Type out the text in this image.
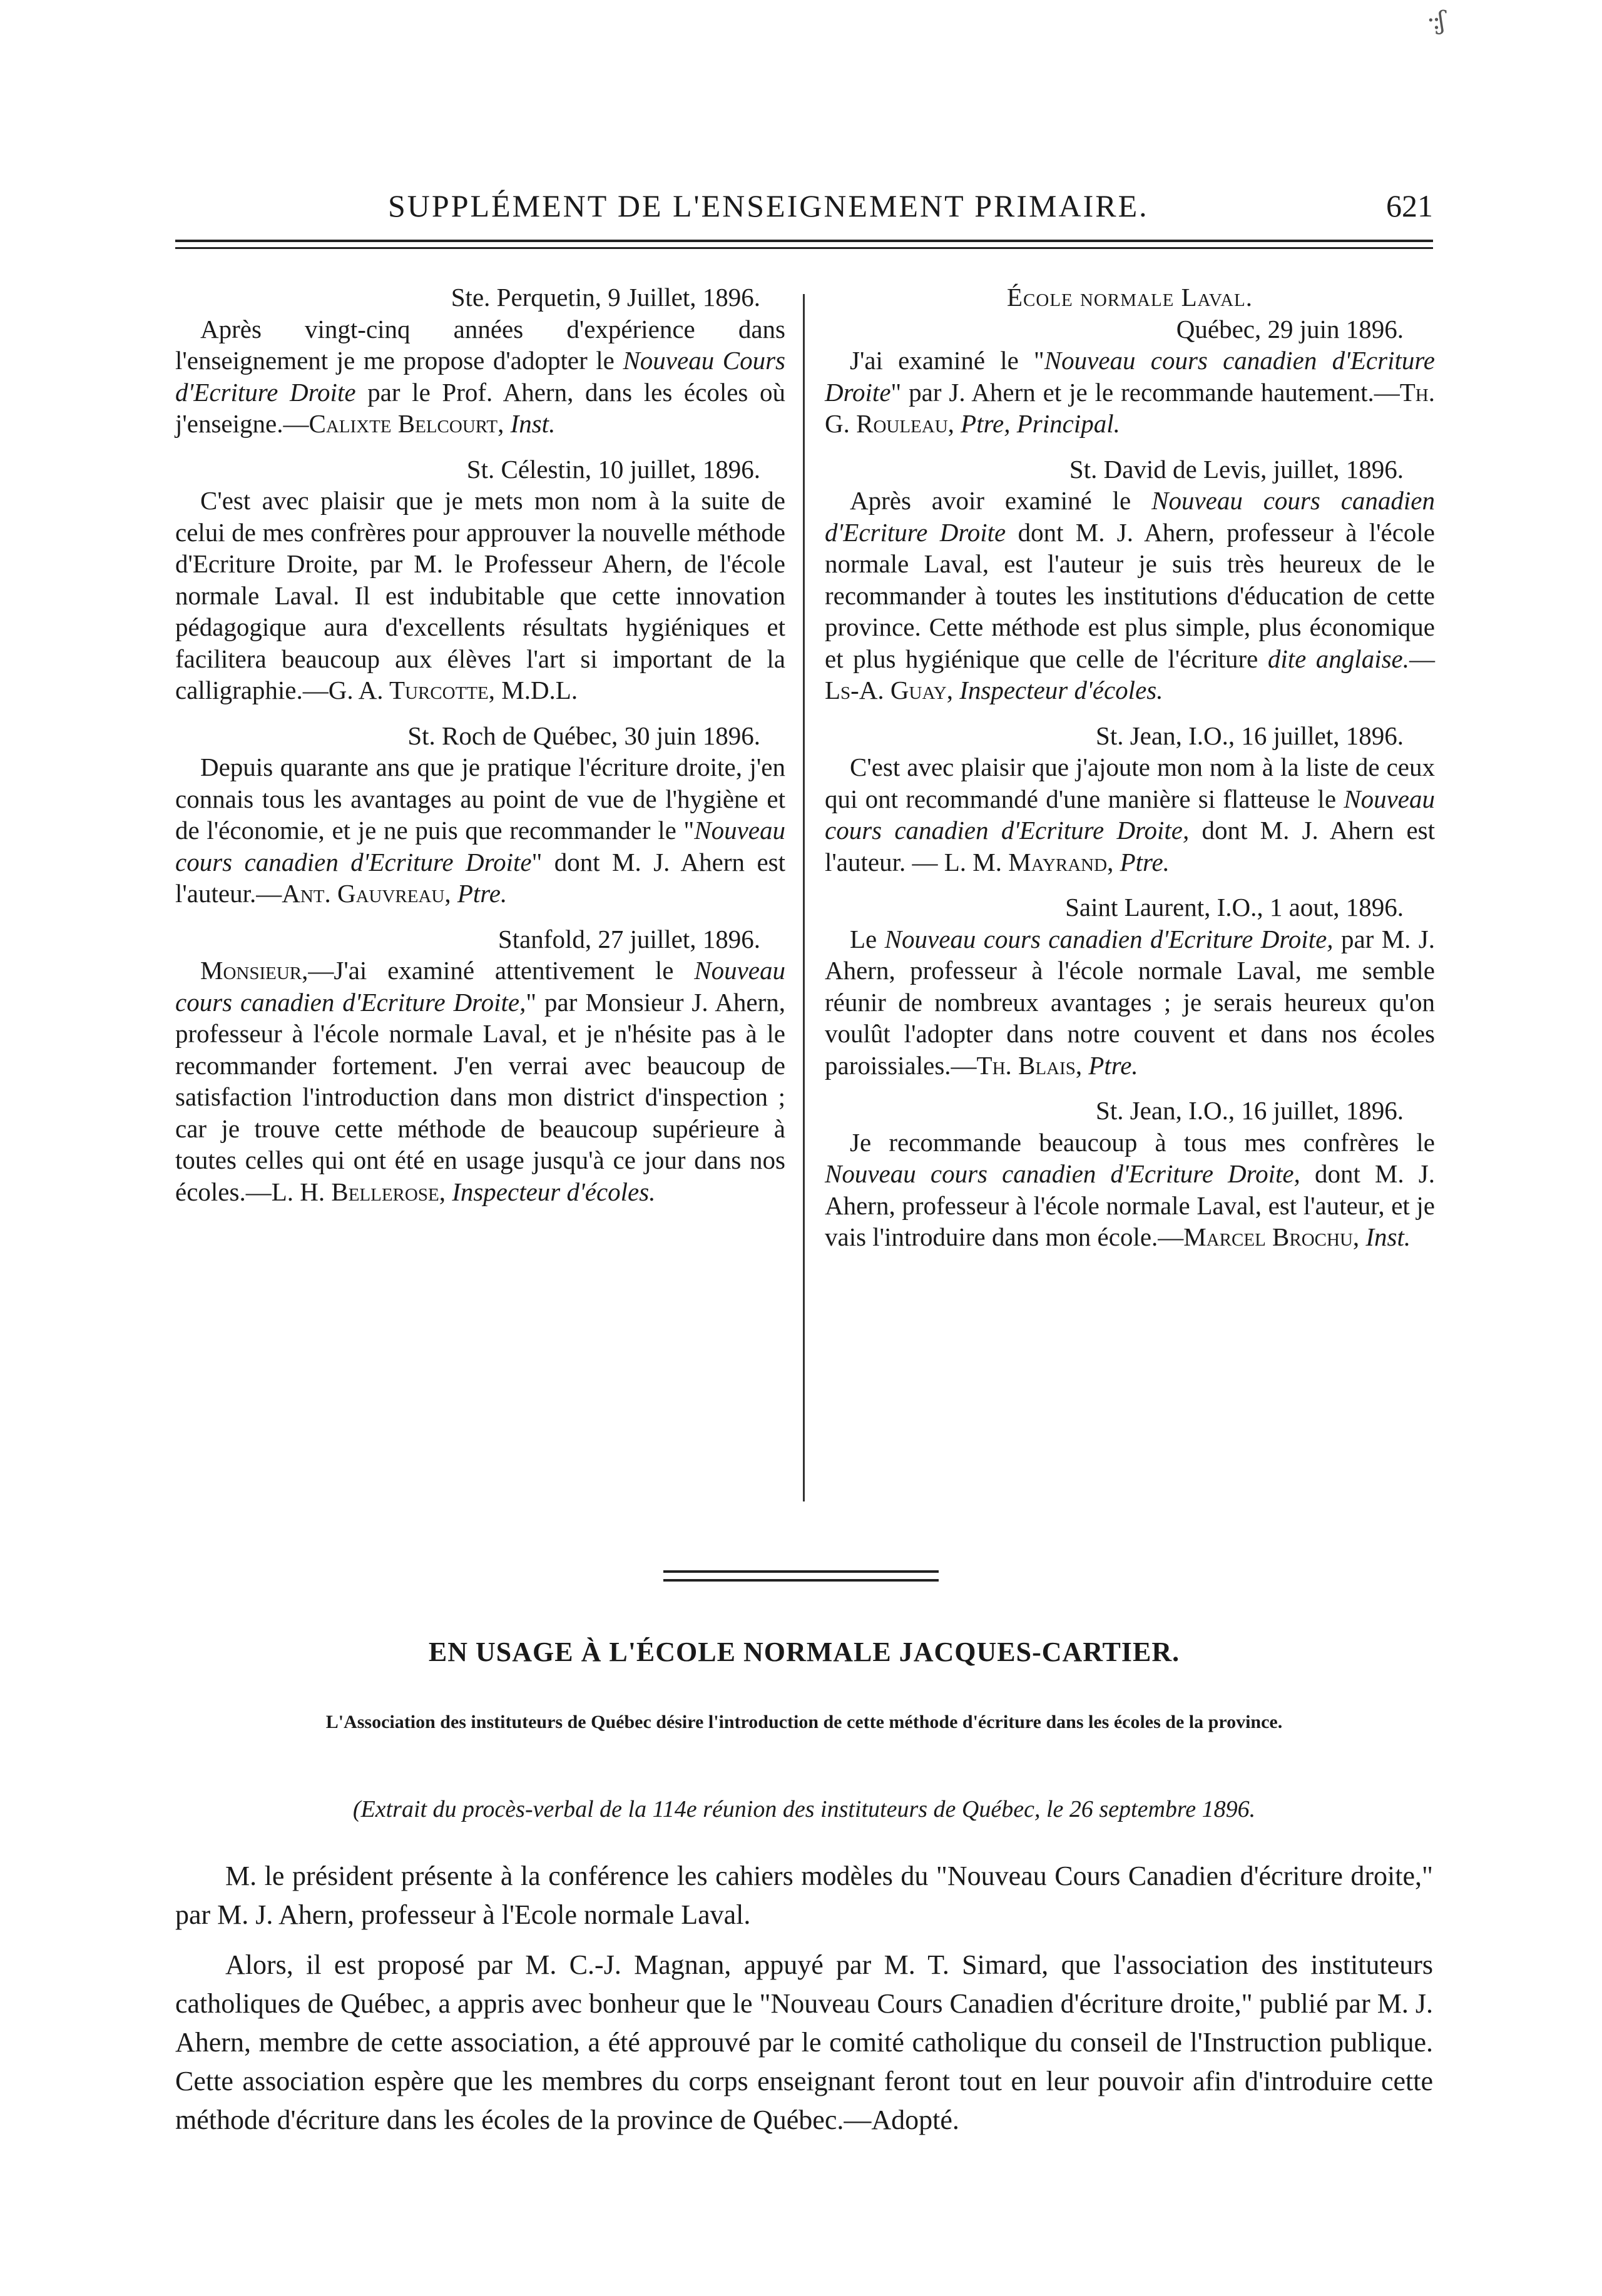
·:ʃ
SUPPLÉMENT DE L'ENSEIGNEMENT PRIMAIRE.	621
Ste. Perquetin, 9 Juillet, 1896.
Après vingt-cinq années d'expérience dans l'enseignement je me propose d'adopter le Nouveau Cours d'Ecriture Droite par le Prof. Ahern, dans les écoles où j'enseigne.—Calixte Belcourt, Inst.
St. Célestin, 10 juillet, 1896.
C'est avec plaisir que je mets mon nom à la suite de celui de mes confrères pour approuver la nouvelle méthode d'Ecriture Droite, par M. le Professeur Ahern, de l'école normale Laval. Il est indubitable que cette innovation pédagogique aura d'excellents résultats hygiéniques et facilitera beaucoup aux élèves l'art si important de la calligraphie.—G. A. Turcotte, M.D.L.
St. Roch de Québec, 30 juin 1896.
Depuis quarante ans que je pratique l'écriture droite, j'en connais tous les avantages au point de vue de l'hygiène et de l'économie, et je ne puis que recommander le "Nouveau cours canadien d'Ecriture Droite" dont M. J. Ahern est l'auteur.—Ant. Gauvreau, Ptre.
Stanfold, 27 juillet, 1896.
Monsieur,—J'ai examiné attentivement le Nouveau cours canadien d'Ecriture Droite," par Monsieur J. Ahern, professeur à l'école normale Laval, et je n'hésite pas à le recommander fortement. J'en verrai avec beaucoup de satisfaction l'introduction dans mon district d'inspection ; car je trouve cette méthode de beaucoup supérieure à toutes celles qui ont été en usage jusqu'à ce jour dans nos écoles.—L. H. Bellerose, Inspecteur d'écoles.
École normale Laval.
Québec, 29 juin 1896.
J'ai examiné le "Nouveau cours canadien d'Ecriture Droite" par J. Ahern et je le recommande hautement.—Th. G. Rouleau, Ptre, Principal.
St. David de Levis, juillet, 1896.
Après avoir examiné le Nouveau cours canadien d'Ecriture Droite dont M. J. Ahern, professeur à l'école normale Laval, est l'auteur je suis très heureux de le recommander à toutes les institutions d'éducation de cette province. Cette méthode est plus simple, plus économique et plus hygiénique que celle de l'écriture dite anglaise.—Ls-A. Guay, Inspecteur d'écoles.
St. Jean, I.O., 16 juillet, 1896.
C'est avec plaisir que j'ajoute mon nom à la liste de ceux qui ont recommandé d'une manière si flatteuse le Nouveau cours canadien d'Ecriture Droite, dont M. J. Ahern est l'auteur. — L. M. Mayrand, Ptre.
Saint Laurent, I.O., 1 aout, 1896.
Le Nouveau cours canadien d'Ecriture Droite, par M. J. Ahern, professeur à l'école normale Laval, me semble réunir de nombreux avantages ; je serais heureux qu'on voulût l'adopter dans notre couvent et dans nos écoles paroissiales.—Th. Blais, Ptre.
St. Jean, I.O., 16 juillet, 1896.
Je recommande beaucoup à tous mes confrères le Nouveau cours canadien d'Ecriture Droite, dont M. J. Ahern, professeur à l'école normale Laval, est l'auteur, et je vais l'introduire dans mon école.—Marcel Brochu, Inst.
EN USAGE À L'ÉCOLE NORMALE JACQUES-CARTIER.
L'Association des instituteurs de Québec désire l'introduction de cette méthode d'écriture dans les écoles de la province.
(Extrait du procès-verbal de la 114e réunion des instituteurs de Québec, le 26 septembre 1896.
M. le président présente à la conférence les cahiers modèles du "Nouveau Cours Canadien d'écriture droite," par M. J. Ahern, professeur à l'Ecole normale Laval.
Alors, il est proposé par M. C.-J. Magnan, appuyé par M. T. Simard, que l'association des instituteurs catholiques de Québec, a appris avec bonheur que le "Nouveau Cours Canadien d'écriture droite," publié par M. J. Ahern, membre de cette association, a été approuvé par le comité catholique du conseil de l'Instruction publique. Cette association espère que les membres du corps enseignant feront tout en leur pouvoir afin d'introduire cette méthode d'écriture dans les écoles de la province de Québec.—Adopté.
